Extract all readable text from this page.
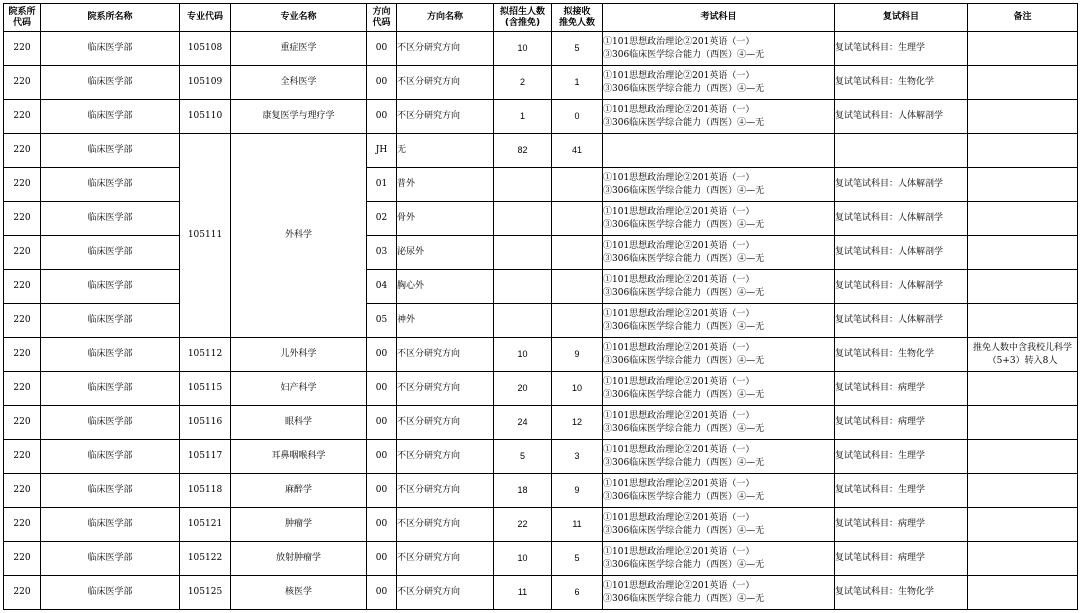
院系所
代码	院系所名称	专业代码	专业名称	方向
代码	方向名称	拟招生人数
(含推免)	拟接收
推免人数	考试科目	复试科目	备注
220	临床医学部	105108	重症医学	00	不区分研究方向	10	5	①101思想政治理论②201英语（一）
③306临床医学综合能力（西医）④—无	复试笔试科目：生理学	
220	临床医学部	105109	全科医学	00	不区分研究方向	2	1	①101思想政治理论②201英语（一）
③306临床医学综合能力（西医）④—无	复试笔试科目：生物化学	
220	临床医学部	105110	康复医学与理疗学	00	不区分研究方向	1	0	①101思想政治理论②201英语（一）
③306临床医学综合能力（西医）④—无	复试笔试科目：人体解剖学	
220	临床医学部	105111	外科学	JH	无	82	41			
220	临床医学部			01	普外			①101思想政治理论②201英语（一）
③306临床医学综合能力（西医）④—无	复试笔试科目：人体解剖学	
220	临床医学部			02	骨外			①101思想政治理论②201英语（一）
③306临床医学综合能力（西医）④—无	复试笔试科目：人体解剖学	
220	临床医学部			03	泌尿外			①101思想政治理论②201英语（一）
③306临床医学综合能力（西医）④—无	复试笔试科目：人体解剖学	
220	临床医学部			04	胸心外			①101思想政治理论②201英语（一）
③306临床医学综合能力（西医）④—无	复试笔试科目：人体解剖学	
220	临床医学部			05	神外			①101思想政治理论②201英语（一）
③306临床医学综合能力（西医）④—无	复试笔试科目：人体解剖学	
220	临床医学部	105112	儿外科学	00	不区分研究方向	10	9	①101思想政治理论②201英语（一）
③306临床医学综合能力（西医）④—无	复试笔试科目：生物化学	推免人数中含我校儿科学（5+3）转入8人
220	临床医学部	105115	妇产科学	00	不区分研究方向	20	10	①101思想政治理论②201英语（一）
③306临床医学综合能力（西医）④—无	复试笔试科目：病理学	
220	临床医学部	105116	眼科学	00	不区分研究方向	24	12	①101思想政治理论②201英语（一）
③306临床医学综合能力（西医）④—无	复试笔试科目：病理学	
220	临床医学部	105117	耳鼻咽喉科学	00	不区分研究方向	5	3	①101思想政治理论②201英语（一）
③306临床医学综合能力（西医）④—无	复试笔试科目：生理学	
220	临床医学部	105118	麻醉学	00	不区分研究方向	18	9	①101思想政治理论②201英语（一）
③306临床医学综合能力（西医）④—无	复试笔试科目：生理学	
220	临床医学部	105121	肿瘤学	00	不区分研究方向	22	11	①101思想政治理论②201英语（一）
③306临床医学综合能力（西医）④—无	复试笔试科目：病理学	
220	临床医学部	105122	放射肿瘤学	00	不区分研究方向	10	5	①101思想政治理论②201英语（一）
③306临床医学综合能力（西医）④—无	复试笔试科目：病理学	
220	临床医学部	105125	核医学	00	不区分研究方向	11	6	①101思想政治理论②201英语（一）
③306临床医学综合能力（西医）④—无	复试笔试科目：生物化学	
